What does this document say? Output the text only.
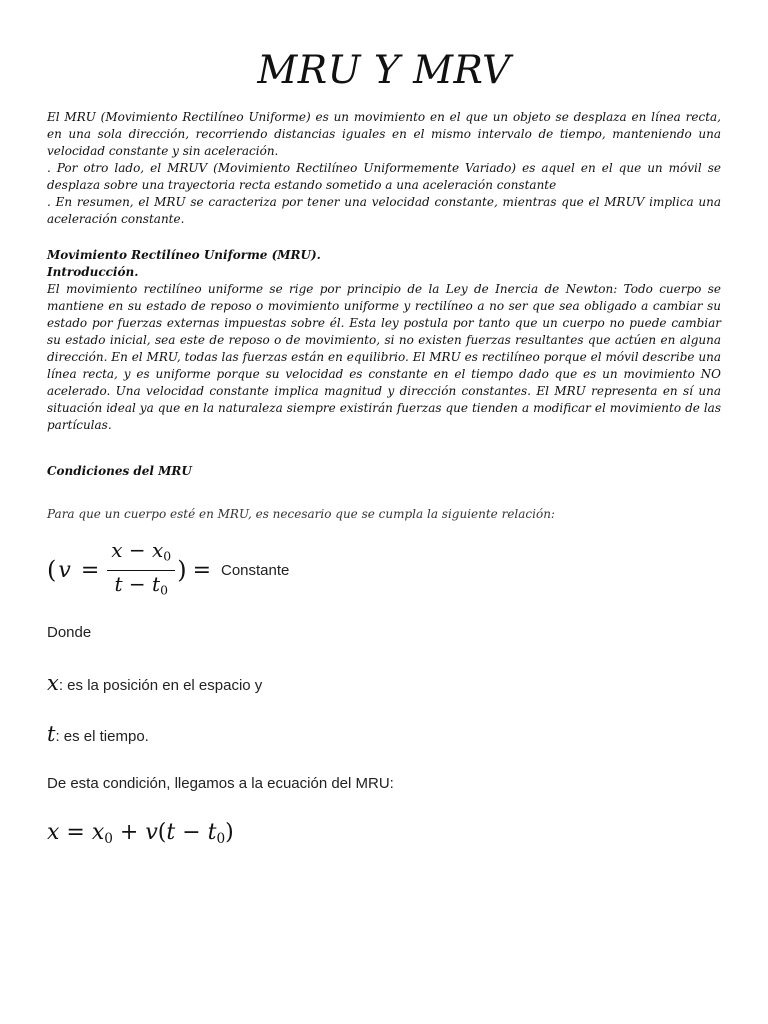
MRU Y MRV

El MRU (Movimiento Rectilíneo Uniforme) es un movimiento en el que un objeto se desplaza en línea recta, en una sola dirección, recorriendo distancias iguales en el mismo intervalo de tiempo, manteniendo una velocidad constante y sin aceleración.

. Por otro lado, el MRUV (Movimiento Rectilíneo Uniformemente Variado) es aquel en el que un móvil se desplaza sobre una trayectoria recta estando sometido a una aceleración constante

. En resumen, el MRU se caracteriza por tener una velocidad constante, mientras que el MRUV implica una aceleración constante.

Movimiento Rectilíneo Uniforme (MRU).

Introducción.

El movimiento rectilíneo uniforme se rige por principio de la Ley de Inercia de Newton: Todo cuerpo se mantiene en su estado de reposo o movimiento uniforme y rectilíneo a no ser que sea obligado a cambiar su estado por fuerzas externas impuestas sobre él. Esta ley postula por tanto que un cuerpo no puede cambiar su estado inicial, sea este de reposo o de movimiento, si no existen fuerzas resultantes que actúen en alguna dirección. En el MRU, todas las fuerzas están en equilibrio. El MRU es rectilíneo porque el móvil describe una línea recta, y es uniforme porque su velocidad es constante en el tiempo dado que es un movimiento NO acelerado. Una velocidad constante implica magnitud y dirección constantes. El MRU representa en sí una situación ideal ya que en la naturaleza siempre existirán fuerzas que tienden a modificar el movimiento de las partículas.

Condiciones del MRU
Para que un cuerpo esté en MRU, es necesario que se cumpla la siguiente relación:
( $v = \frac{x - x_0}{t - t_0}$ ) = Constante
Donde
x : es la posición en el espacio y
t : es el tiempo.
De esta condición, llegamos a la ecuación del MRU:
$x = x_0 + v(t - t_0)$
